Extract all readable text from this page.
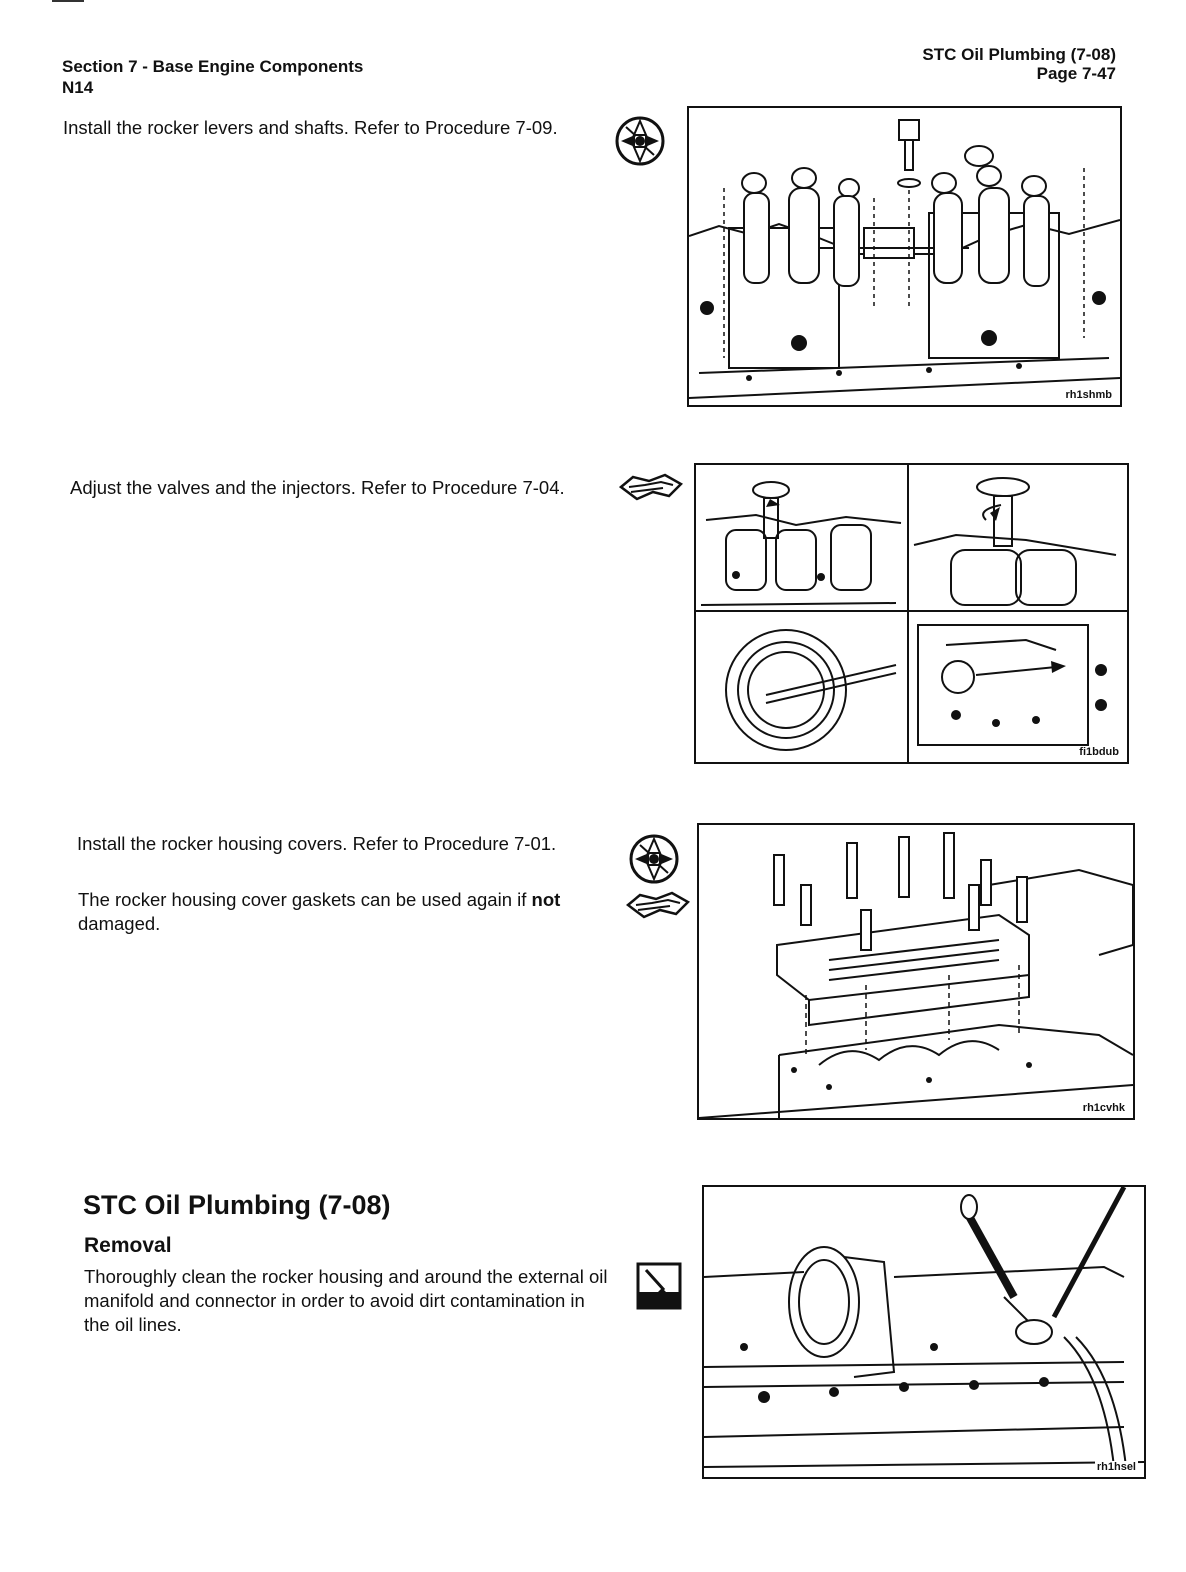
Section 7 - Base Engine Components
N14
STC Oil Plumbing (7-08)
Page 7-47
Install the rocker levers and shafts. Refer to Procedure 7-09.
rh1shmb
Adjust the valves and the injectors. Refer to Procedure 7-04.
fi1bdub
Install the rocker housing covers. Refer to Procedure 7-01.
The rocker housing cover gaskets can be used again if not damaged.
rh1cvhk
STC Oil Plumbing (7-08)
Removal
Thoroughly clean the rocker housing and around the external oil manifold and connector in order to avoid dirt contamination in the oil lines.
rh1hsel
